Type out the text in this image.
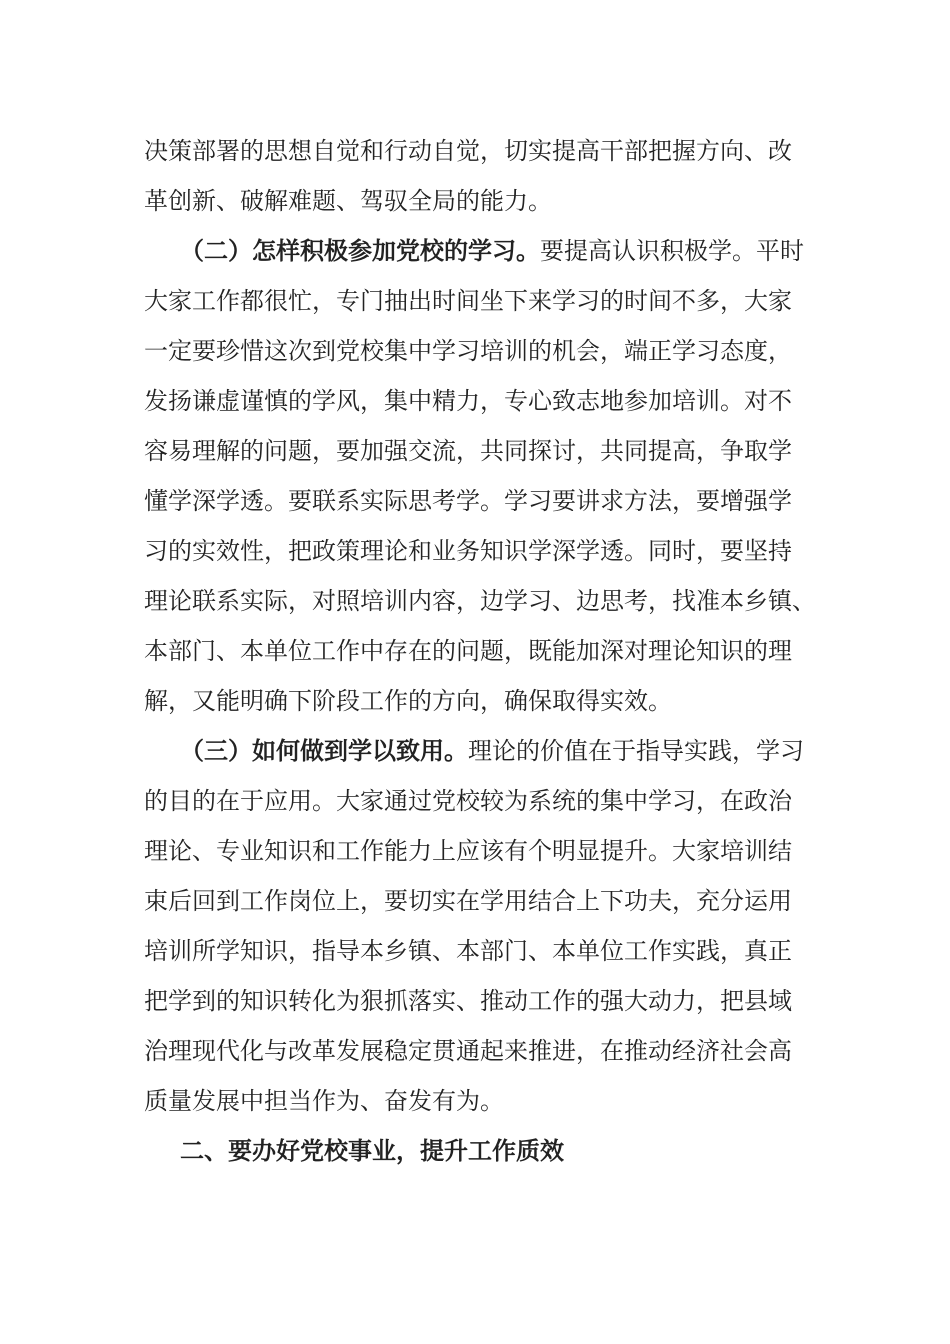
决策部署的思想自觉和行动自觉，切实提高干部把握方向、改
革创新、破解难题、驾驭全局的能力。
（二）怎样积极参加党校的学习。要提高认识积极学。平时
大家工作都很忙，专门抽出时间坐下来学习的时间不多，大家
一定要珍惜这次到党校集中学习培训的机会，端正学习态度，
发扬谦虚谨慎的学风，集中精力，专心致志地参加培训。对不
容易理解的问题，要加强交流，共同探讨，共同提高，争取学
懂学深学透。要联系实际思考学。学习要讲求方法，要增强学
习的实效性，把政策理论和业务知识学深学透。同时，要坚持
理论联系实际，对照培训内容，边学习、边思考，找准本乡镇、
本部门、本单位工作中存在的问题，既能加深对理论知识的理
解，又能明确下阶段工作的方向，确保取得实效。
（三）如何做到学以致用。理论的价值在于指导实践，学习
的目的在于应用。大家通过党校较为系统的集中学习，在政治
理论、专业知识和工作能力上应该有个明显提升。大家培训结
束后回到工作岗位上，要切实在学用结合上下功夫，充分运用
培训所学知识，指导本乡镇、本部门、本单位工作实践，真正
把学到的知识转化为狠抓落实、推动工作的强大动力，把县域
治理现代化与改革发展稳定贯通起来推进，在推动经济社会高
质量发展中担当作为、奋发有为。
二、要办好党校事业，提升工作质效
